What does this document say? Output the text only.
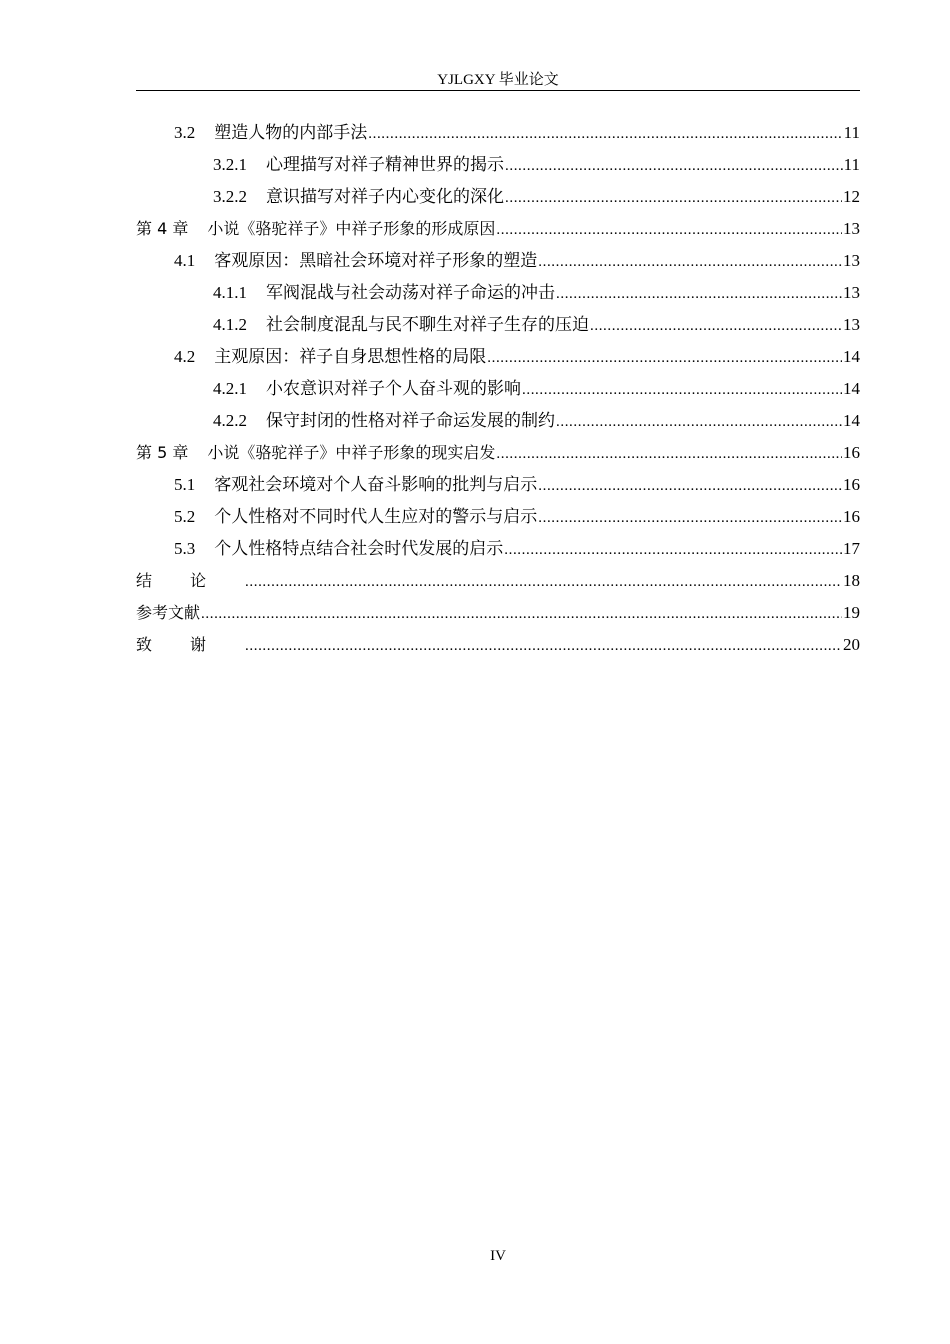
YJLGXY 毕业论文
3.2 塑造人物的内部手法 .....	11
3.2.1 心理描写对祥子精神世界的揭示 .....	11
3.2.2 意识描写对祥子内心变化的深化 .....	12
第 4 章 小说《骆驼祥子》中祥子形象的形成原因 .....	13
4.1 客观原因：黑暗社会环境对祥子形象的塑造 .....	13
4.1.1 军阀混战与社会动荡对祥子命运的冲击 .....	13
4.1.2 社会制度混乱与民不聊生对祥子生存的压迫 .....	13
4.2 主观原因：祥子自身思想性格的局限 .....	14
4.2.1 小农意识对祥子个人奋斗观的影响 .....	14
4.2.2 保守封闭的性格对祥子命运发展的制约 .....	14
第 5 章 小说《骆驼祥子》中祥子形象的现实启发 .....	16
5.1 客观社会环境对个人奋斗影响的批判与启示 .....	16
5.2 个人性格对不同时代人生应对的警示与启示 .....	16
5.3 个人性格特点结合社会时代发展的启示 .....	17
结论 .....	18
参考文献 .....	19
致谢 .....	20
IV
